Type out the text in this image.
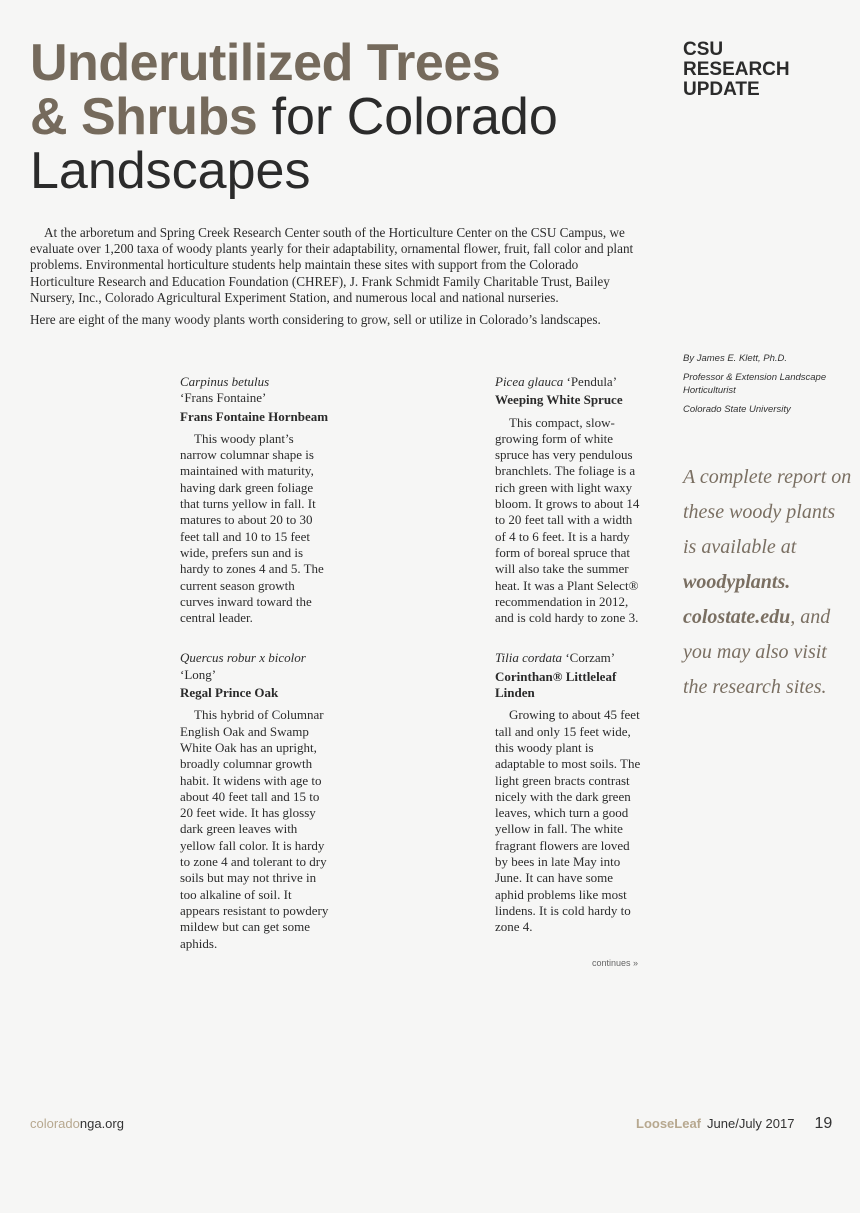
Underutilized Trees
& Shrubs for Colorado
Landscapes
CSU
RESEARCH
UPDATE

At the arboretum and Spring Creek Research Center south of the Horticulture Center on the CSU Campus, we evaluate over 1,200 taxa of woody plants yearly for their adaptability, ornamental flower, fruit, fall color and plant problems. Environmental horticulture students help maintain these sites with support from the Colorado Horticulture Research and Education Foundation (CHREF), J. Frank Schmidt Family Charitable Trust, Bailey Nursery, Inc., Colorado Agricultural Experiment Station, and numerous local and national nurseries.

Here are eight of the many woody plants worth considering to grow, sell or utilize in Colorado’s landscapes.

Carpinus betulus
‘Frans Fontaine’
Frans Fontaine Hornbeam

This woody plant’s narrow columnar shape is maintained with maturity, having dark green foliage that turns yellow in fall. It matures to about 20 to 30 feet tall and 10 to 15 feet wide, prefers sun and is hardy to zones 4 and 5. The current season growth curves inward toward the central leader.

Quercus robur x bicolor
‘Long’
Regal Prince Oak

This hybrid of Columnar English Oak and Swamp White Oak has an upright, broadly columnar growth habit. It widens with age to about 40 feet tall and 15 to 20 feet wide. It has glossy dark green leaves with yellow fall color. It is hardy to zone 4 and tolerant to dry soils but may not thrive in too alkaline of soil. It appears resistant to powdery mildew but can get some aphids.

Picea glauca ‘Pendula’
Weeping White Spruce

This compact, slow-growing form of white spruce has very pendulous branchlets. The foliage is a rich green with light waxy bloom. It grows to about 14 to 20 feet tall with a width of 4 to 6 feet. It is a hardy form of boreal spruce that will also take the summer heat. It was a Plant Select® recommendation in 2012, and is cold hardy to zone 3.

Tilia cordata ‘Corzam’
Corinthan® Littleleaf Linden

Growing to about 45 feet tall and only 15 feet wide, this woody plant is adaptable to most soils. The light green bracts contrast nicely with the dark green leaves, which turn a good yellow in fall. The white fragrant flowers are loved by bees in late May into June. It can have some aphid problems like most lindens. It is cold hardy to zone 4.

continues »
By James E. Klett, Ph.D.
Professor & Extension Landscape Horticulturist
Colorado State University
A complete report on these woody plants is available at woodyplants. colostate.edu, and you may also visit the research sites.
coloradonga.org	LooseLeaf June/July 2017 19
